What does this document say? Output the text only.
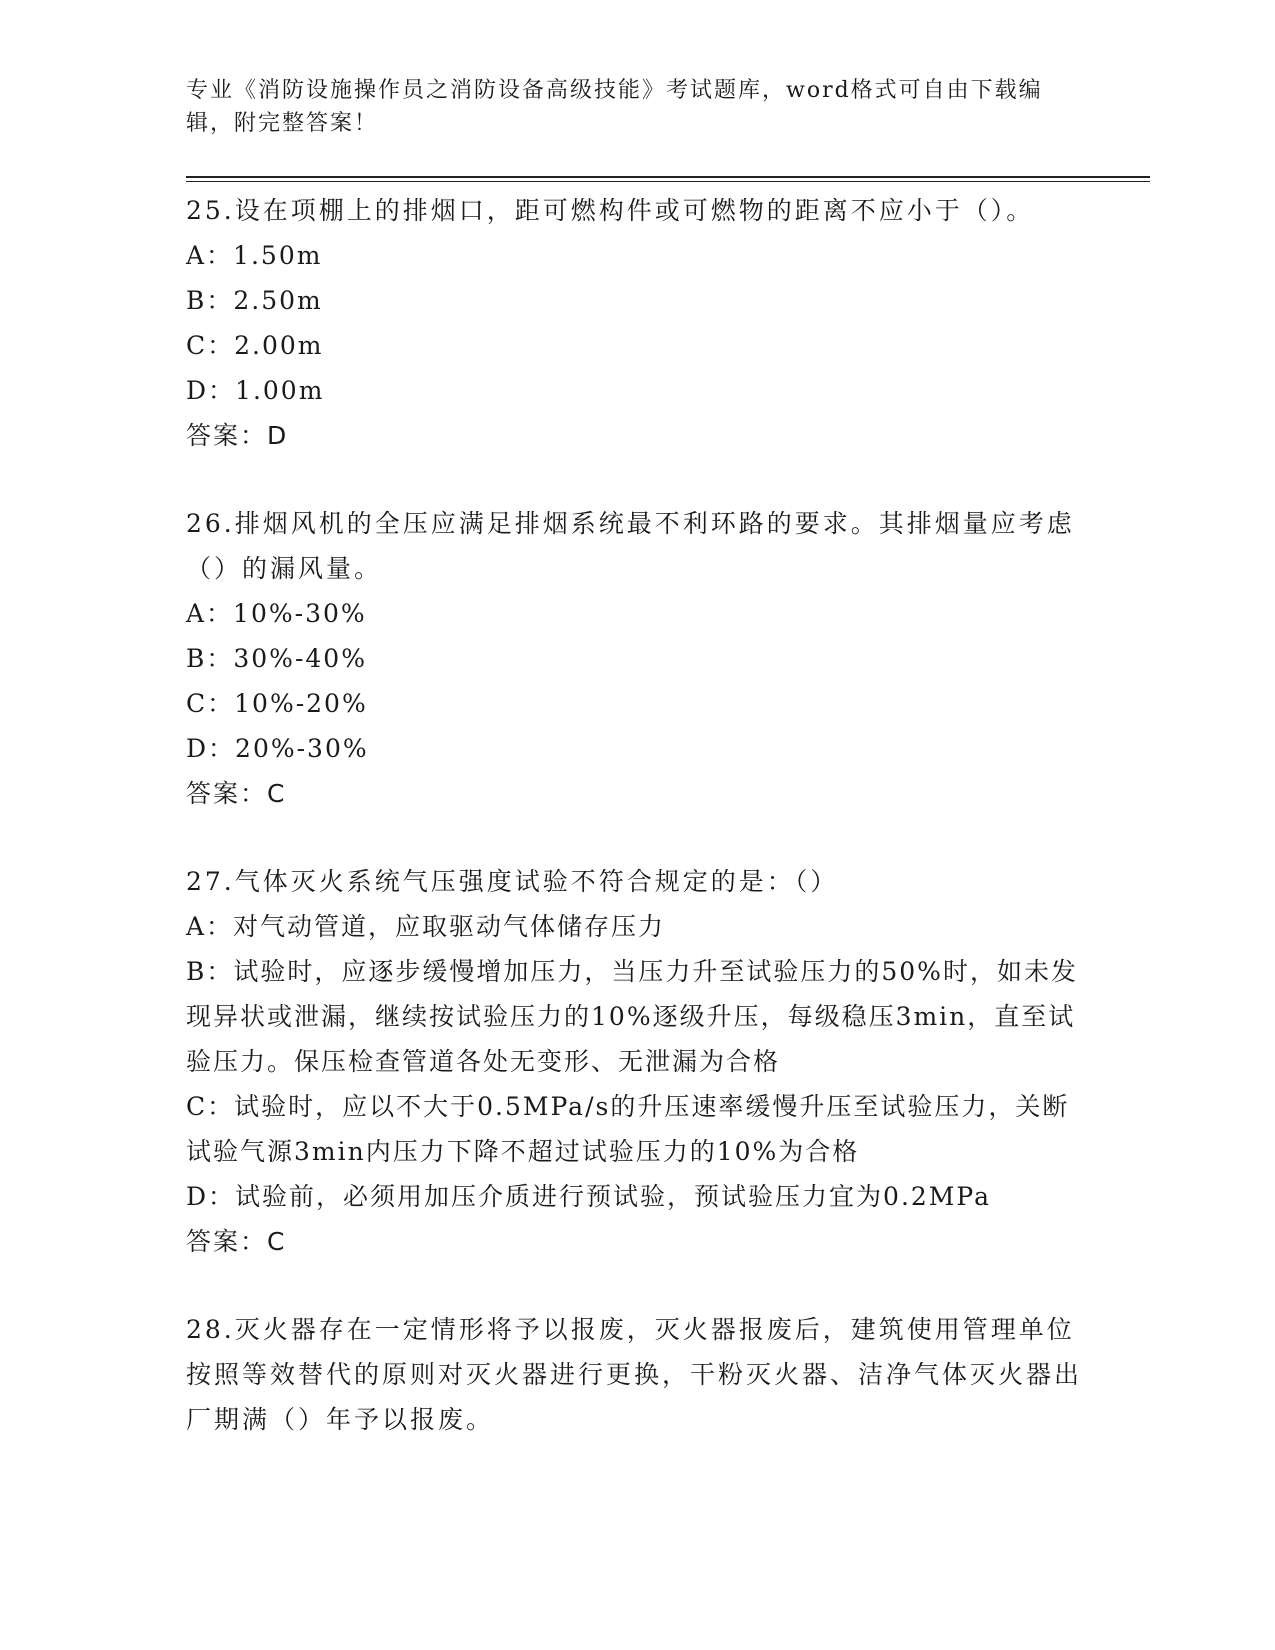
专业《消防设施操作员之消防设备高级技能》考试题库，word格式可自由下载编辑，附完整答案！
25.设在项棚上的排烟口，距可燃构件或可燃物的距离不应小于（）。
A：1.50m
B：2.50m
C：2.00m
D：1.00m
答案：D
26.排烟风机的全压应满足排烟系统最不利环路的要求。其排烟量应考虑（）的漏风量。
A：10%-30%
B：30%-40%
C：10%-20%
D：20%-30%
答案：C
27.气体灭火系统气压强度试验不符合规定的是：（）
A：对气动管道，应取驱动气体储存压力
B：试验时，应逐步缓慢增加压力，当压力升至试验压力的50%时，如未发现异状或泄漏，继续按试验压力的10%逐级升压，每级稳压3min，直至试验压力。保压检查管道各处无变形、无泄漏为合格
C：试验时，应以不大于0.5MPa/s的升压速率缓慢升压至试验压力，关断试验气源3min内压力下降不超过试验压力的10%为合格
D：试验前，必须用加压介质进行预试验，预试验压力宜为0.2MPa
答案：C
28.灭火器存在一定情形将予以报废，灭火器报废后，建筑使用管理单位按照等效替代的原则对灭火器进行更换，干粉灭火器、洁净气体灭火器出厂期满（）年予以报废。
